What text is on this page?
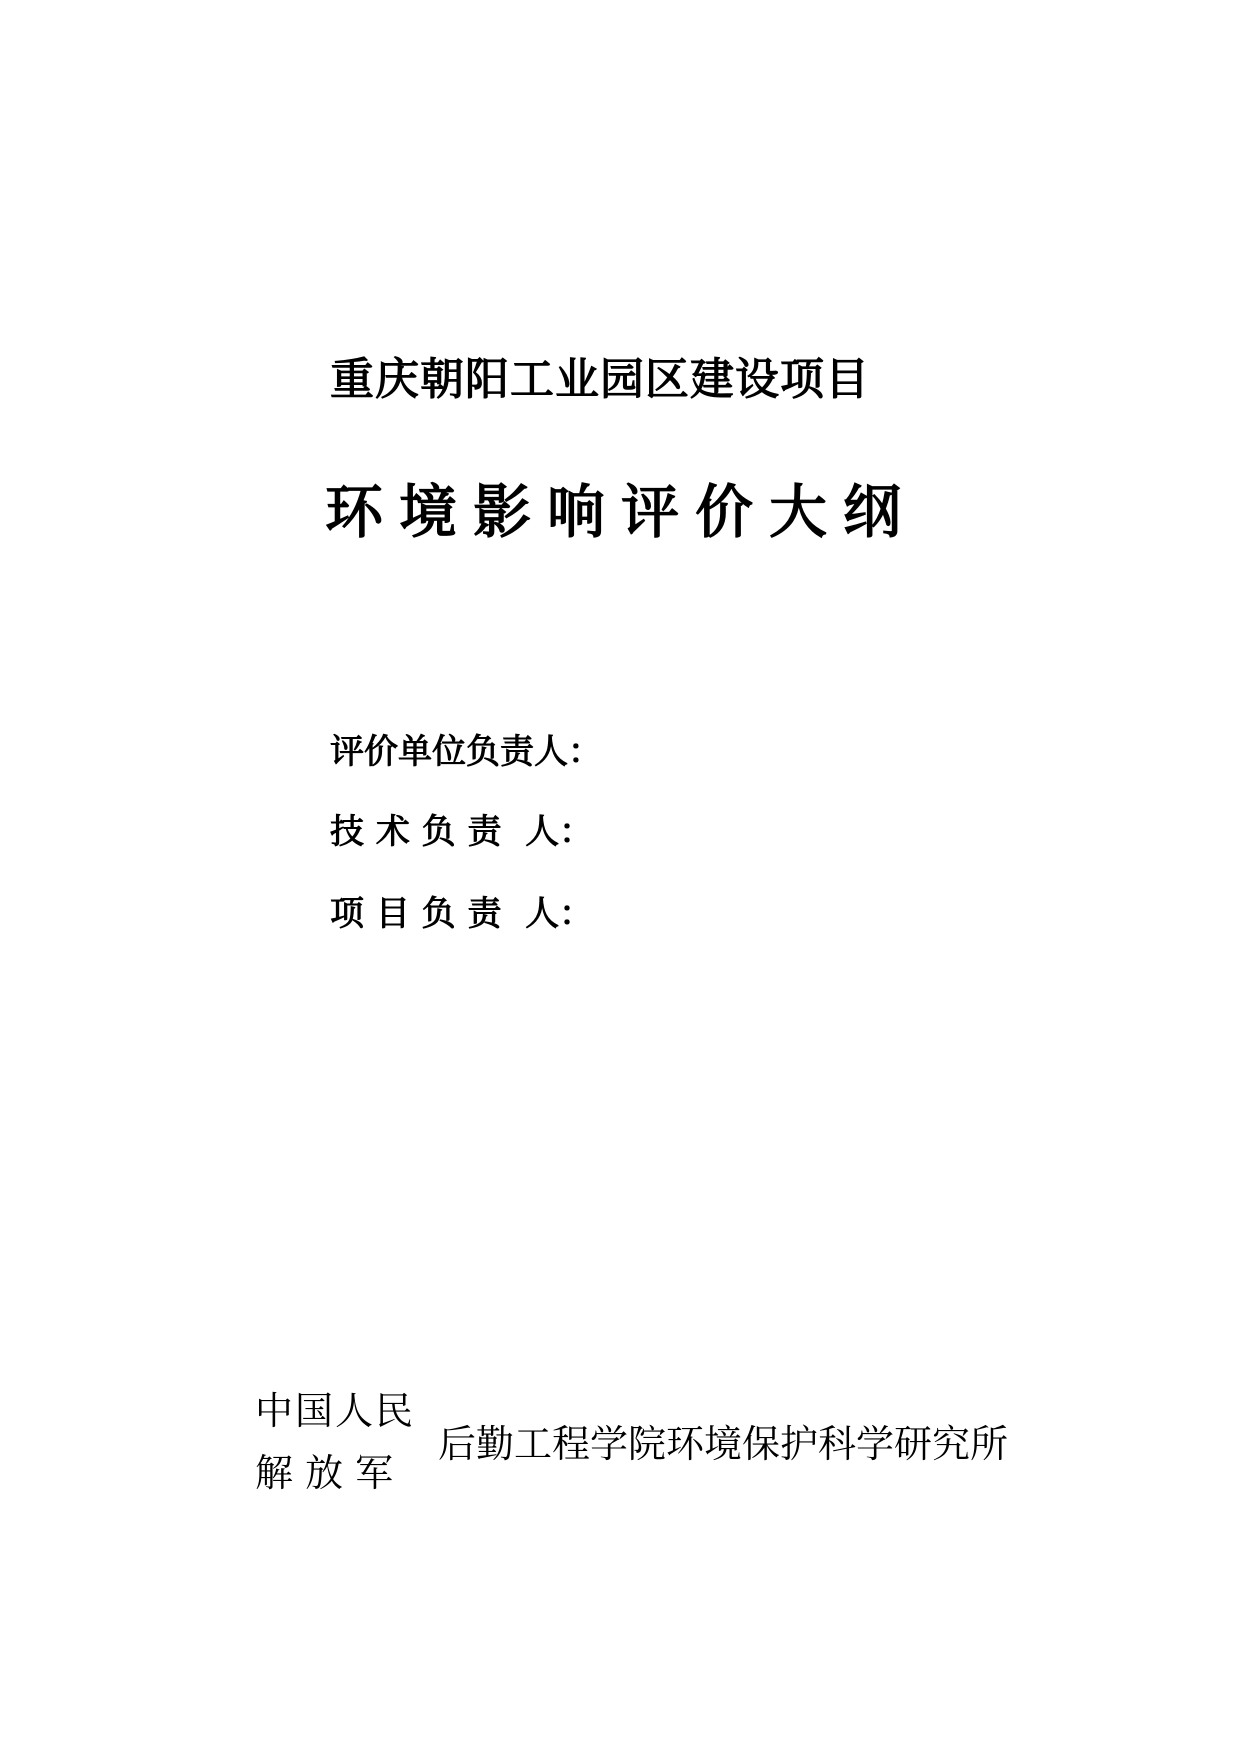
重庆朝阳工业园区建设项目
环境影响评价大纲
评价单位负责人：
技 术 负 责  人：
项 目 负 责  人：
中国人民
解 放 军
后勤工程学院环境保护科学研究所
